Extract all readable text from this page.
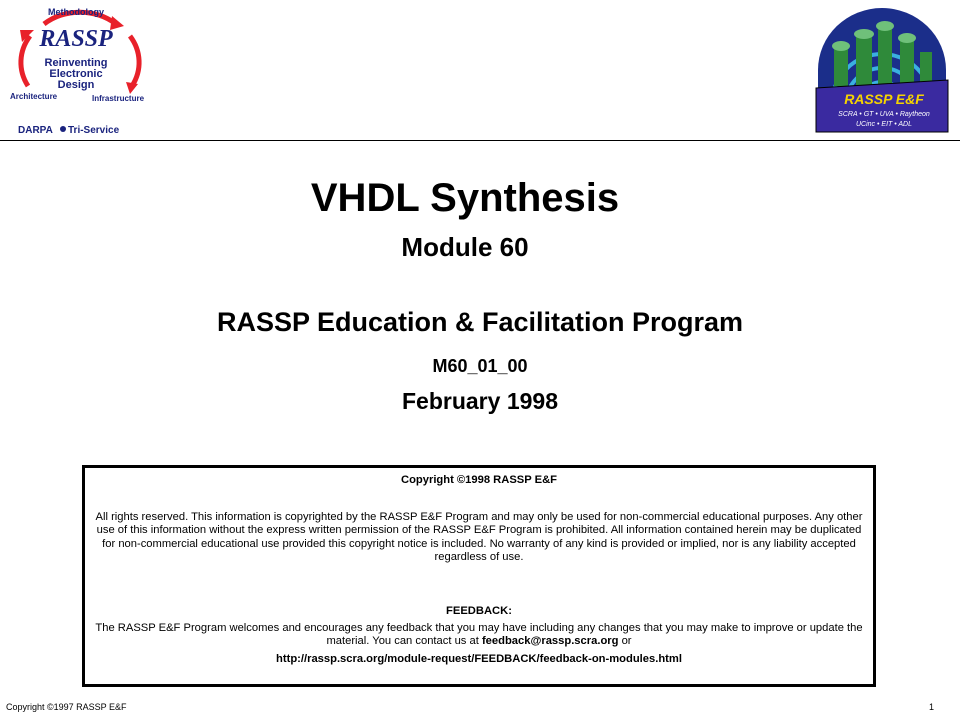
Methodology
RASSP
Reinventing
Electronic
Design
Architecture	Infrastructure
DARPA Tri-Service
RASSP E&F
SCRA • GT • UVA • Raytheon
UCinc • EIT • ADL
VHDL Synthesis
Module 60
RASSP Education & Facilitation Program
M60_01_00
February 1998
Copyright ©1998 RASSP E&F
All rights reserved. This information is copyrighted by the RASSP E&F Program and may only be used for non-commercial educational purposes. Any other use of this information without the express written permission of the RASSP E&F Program is prohibited. All information contained herein may be duplicated for non-commercial educational use provided this copyright notice is included. No warranty of any kind is provided or implied, nor is any liability accepted regardless of use.
FEEDBACK:
The RASSP E&F Program welcomes and encourages any feedback that you may have including any changes that you may make to improve or update the material. You can contact us at feedback@rassp.scra.org or
http://rassp.scra.org/module-request/FEEDBACK/feedback-on-modules.html
Copyright ©1997 RASSP E&F	1
